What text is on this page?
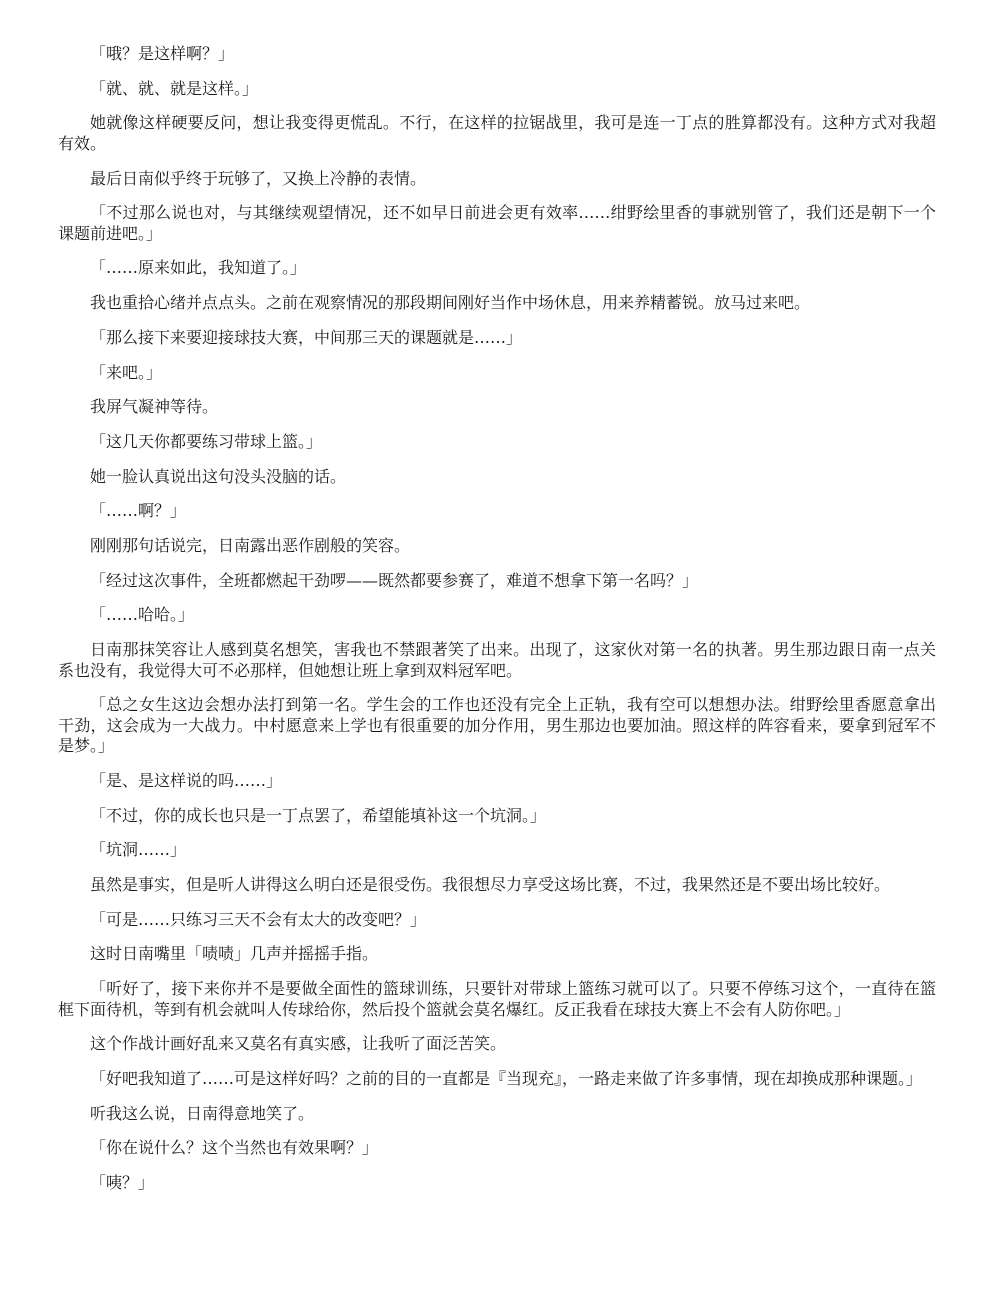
「哦？是这样啊？」

「就、就、就是这样。」

她就像这样硬要反问，想让我变得更慌乱。不行，在这样的拉锯战里，我可是连一丁点的胜算都没有。这种方式对我超有效。

最后日南似乎终于玩够了，又换上冷静的表情。

「不过那么说也对，与其继续观望情况，还不如早日前进会更有效率……绀野绘里香的事就别管了，我们还是朝下一个课题前进吧。」

「……原来如此，我知道了。」

我也重拾心绪并点点头。之前在观察情况的那段期间刚好当作中场休息，用来养精蓄锐。放马过来吧。

「那么接下来要迎接球技大赛，中间那三天的课题就是……」

「来吧。」

我屏气凝神等待。

「这几天你都要练习带球上篮。」

她一脸认真说出这句没头没脑的话。

「……啊？」

刚刚那句话说完，日南露出恶作剧般的笑容。

「经过这次事件，全班都燃起干劲啰——既然都要参赛了，难道不想拿下第一名吗？」

「……哈哈。」

日南那抹笑容让人感到莫名想笑，害我也不禁跟著笑了出来。出现了，这家伙对第一名的执著。男生那边跟日南一点关系也没有，我觉得大可不必那样，但她想让班上拿到双料冠军吧。

「总之女生这边会想办法打到第一名。学生会的工作也还没有完全上正轨，我有空可以想想办法。绀野绘里香愿意拿出干劲，这会成为一大战力。中村愿意来上学也有很重要的加分作用，男生那边也要加油。照这样的阵容看来，要拿到冠军不是梦。」

「是、是这样说的吗……」

「不过，你的成长也只是一丁点罢了，希望能填补这一个坑洞。」

「坑洞……」

虽然是事实，但是听人讲得这么明白还是很受伤。我很想尽力享受这场比赛，不过，我果然还是不要出场比较好。

「可是……只练习三天不会有太大的改变吧？」

这时日南嘴里「啧啧」几声并摇摇手指。

「听好了，接下来你并不是要做全面性的篮球训练，只要针对带球上篮练习就可以了。只要不停练习这个，一直待在篮框下面待机，等到有机会就叫人传球给你，然后投个篮就会莫名爆红。反正我看在球技大赛上不会有人防你吧。」

这个作战计画好乱来又莫名有真实感，让我听了面泛苦笑。

「好吧我知道了……可是这样好吗？之前的目的一直都是『当现充』，一路走来做了许多事情，现在却换成那种课题。」

听我这么说，日南得意地笑了。

「你在说什么？这个当然也有效果啊？」

「咦？」
